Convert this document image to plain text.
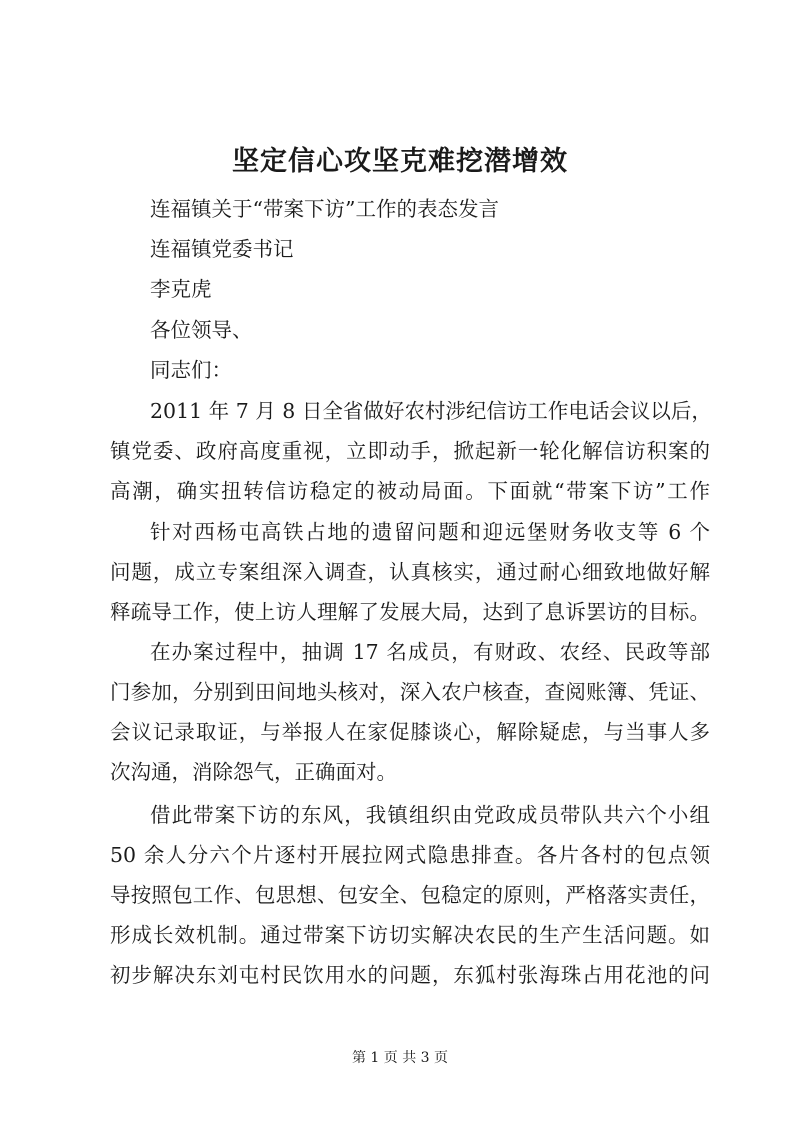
坚定信心攻坚克难挖潜增效

连福镇关于“带案下访”工作的表态发言

连福镇党委书记

李克虎

各位领导、

同志们：

2011 年 7 月 8 日全省做好农村涉纪信访工作电话会议以后，

镇党委、政府高度重视，立即动手，掀起新一轮化解信访积案的

高潮，确实扭转信访稳定的被动局面。下面就“带案下访”工作

针对西杨屯高铁占地的遗留问题和迎远堡财务收支等 6 个

问题，成立专案组深入调查，认真核实，通过耐心细致地做好解

释疏导工作，使上访人理解了发展大局，达到了息诉罢访的目标。

在办案过程中，抽调 17 名成员，有财政、农经、民政等部

门参加，分别到田间地头核对，深入农户核查，查阅账簿、凭证、

会议记录取证，与举报人在家促膝谈心，解除疑虑，与当事人多

次沟通，消除怨气，正确面对。

借此带案下访的东风，我镇组织由党政成员带队共六个小组

50 余人分六个片逐村开展拉网式隐患排查。各片各村的包点领

导按照包工作、包思想、包安全、包稳定的原则，严格落实责任，

形成长效机制。通过带案下访切实解决农民的生产生活问题。如

初步解决东刘屯村民饮用水的问题，东狐村张海珠占用花池的问

第 1 页 共 3 页
